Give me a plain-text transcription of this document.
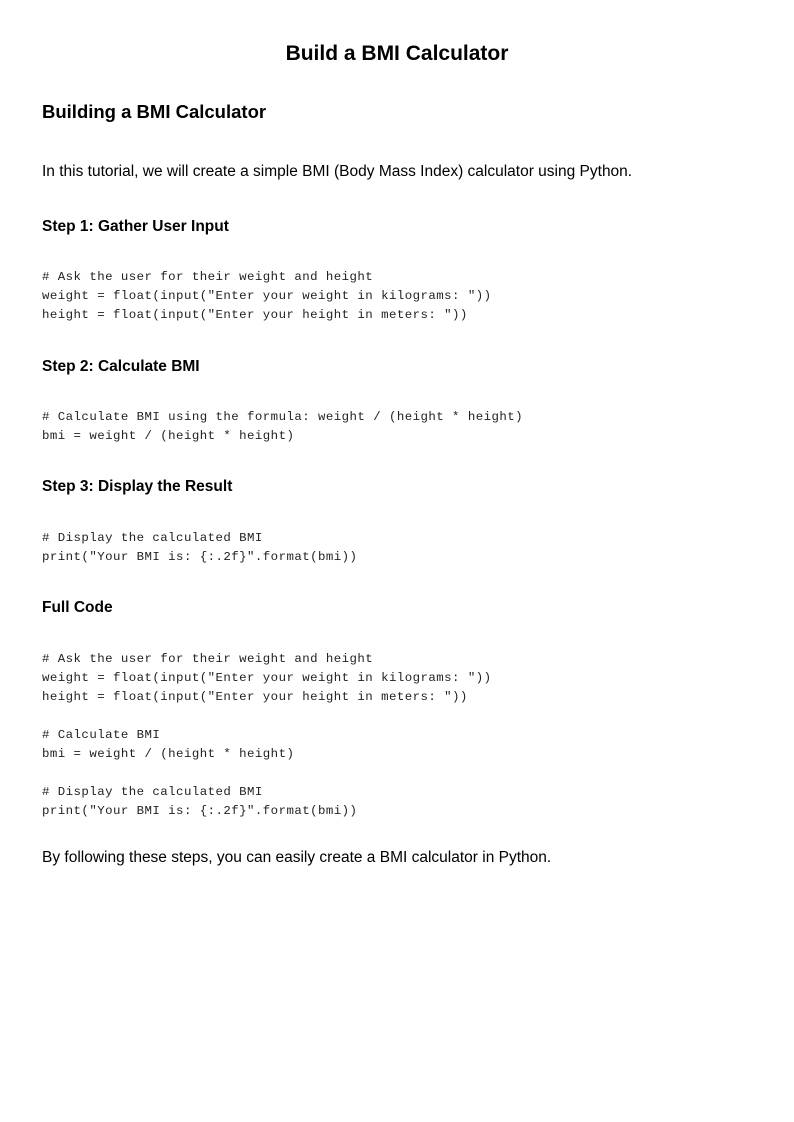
Build a BMI Calculator
Building a BMI Calculator

In this tutorial, we will create a simple BMI (Body Mass Index) calculator using Python.

Step 1: Gather User Input
# Ask the user for their weight and height
weight = float(input("Enter your weight in kilograms: "))
height = float(input("Enter your height in meters: "))
Step 2: Calculate BMI
# Calculate BMI using the formula: weight / (height * height)
bmi = weight / (height * height)
Step 3: Display the Result
# Display the calculated BMI
print("Your BMI is: {:.2f}".format(bmi))
Full Code
# Ask the user for their weight and height
weight = float(input("Enter your weight in kilograms: "))
height = float(input("Enter your height in meters: "))

# Calculate BMI
bmi = weight / (height * height)

# Display the calculated BMI
print("Your BMI is: {:.2f}".format(bmi))

By following these steps, you can easily create a BMI calculator in Python.
